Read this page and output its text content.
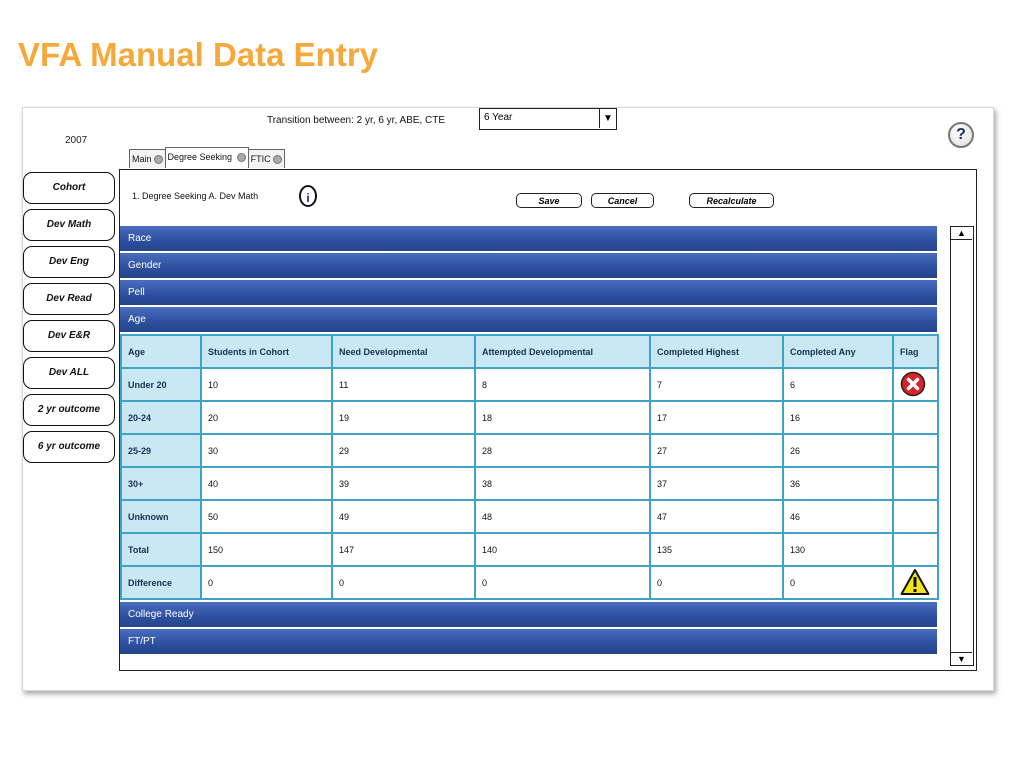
VFA Manual Data Entry
2007
Transition between: 2 yr, 6 yr, ABE, CTE	6 Year	▼
?
Main	Degree Seeking	FTIC
Cohort
Dev Math
Dev Eng
Dev Read
Dev E&R
Dev ALL
2 yr outcome
6 yr outcome
1. Degree Seeking A. Dev Math	i	Save	Cancel	Recalculate
Race
Gender
Pell
Age
Age	Students in Cohort	Need Developmental	Attempted Developmental	Completed Highest	Completed Any	Flag
Under 20	10	11	8	7	6	
20-24	20	19	18	17	16	
25-29	30	29	28	27	26	
30+	40	39	38	37	36	
Unknown	50	49	48	47	46	
Total	150	147	140	135	130	
Difference	0	0	0	0	0	
College Ready
FT/PT
▲
▼
